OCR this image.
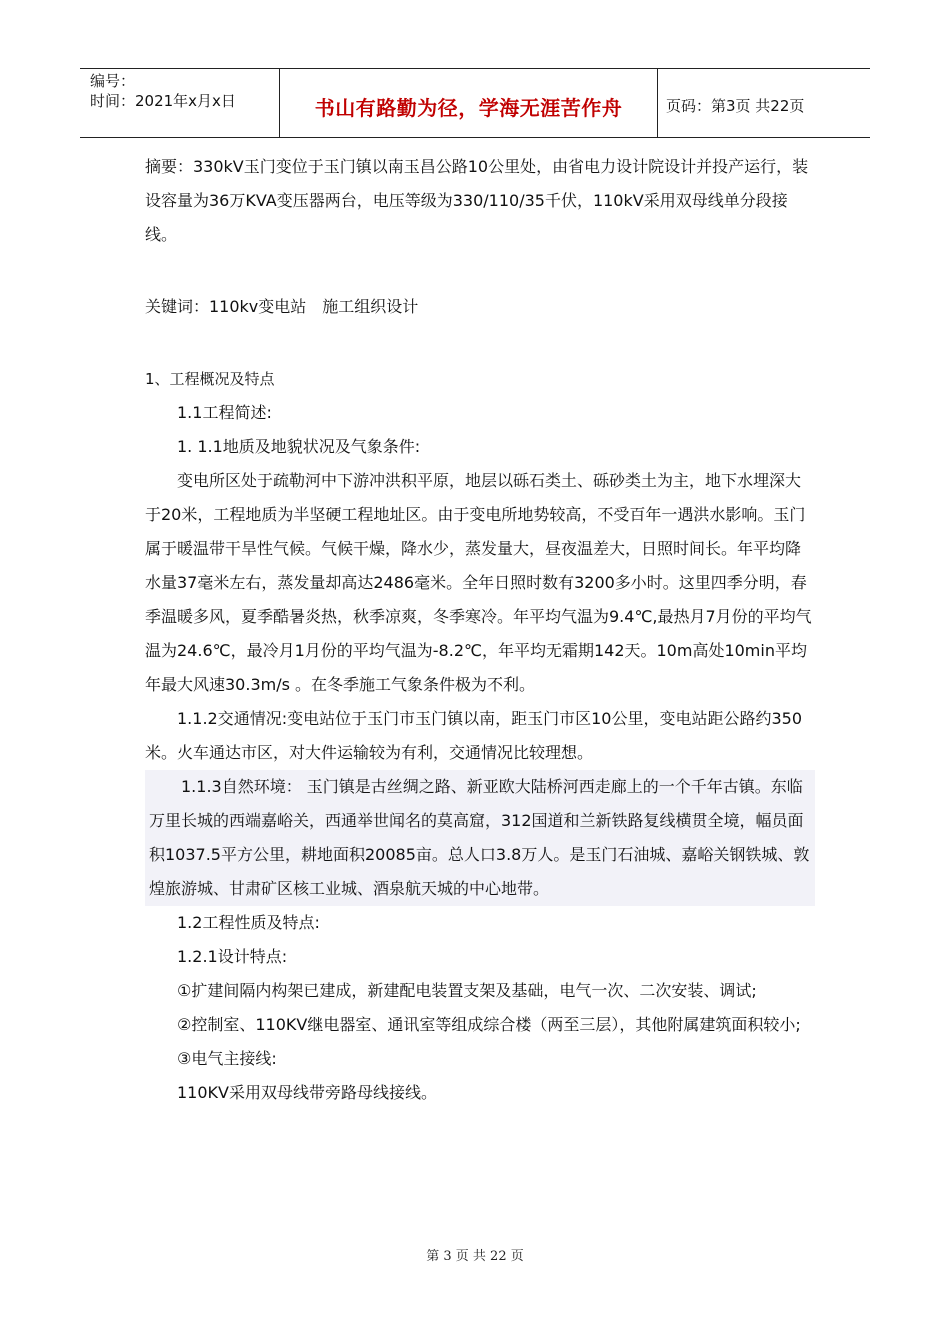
编号：
时间：2021年x月x日	书山有路勤为径，学海无涯苦作舟	页码：第3页 共22页

摘要：330kV玉门变位于玉门镇以南玉昌公路10公里处，由省电力设计院设计并投产运行，装设容量为36万KVA变压器两台，电压等级为330/110/35千伏，110kV采用双母线单分段接线。

关键词：110kv变电站　施工组织设计

1、工程概况及特点

1.1工程简述:

1. 1.1地质及地貌状况及气象条件:

变电所区处于疏勒河中下游冲洪积平原，地层以砾石类土、砾砂类土为主，地下水埋深大于20米，工程地质为半坚硬工程地址区。由于变电所地势较高，不受百年一遇洪水影响。玉门属于暖温带干旱性气候。气候干燥，降水少，蒸发量大，昼夜温差大，日照时间长。年平均降水量37毫米左右，蒸发量却高达2486毫米。全年日照时数有3200多小时。这里四季分明，春季温暖多风，夏季酷暑炎热，秋季凉爽，冬季寒冷。年平均气温为9.4℃,最热月7月份的平均气温为24.6℃，最冷月1月份的平均气温为-8.2℃，年平均无霜期142天。10m高处10min平均年最大风速30.3m/s 。在冬季施工气象条件极为不利。

1.1.2交通情况:变电站位于玉门市玉门镇以南，距玉门市区10公里，变电站距公路约350米。火车通达市区，对大件运输较为有利，交通情况比较理想。

1.1.3自然环境： 玉门镇是古丝绸之路、新亚欧大陆桥河西走廊上的一个千年古镇。东临万里长城的西端嘉峪关，西通举世闻名的莫高窟，312国道和兰新铁路复线横贯全境，幅员面积1037.5平方公里，耕地面积20085亩。总人口3.8万人。是玉门石油城、嘉峪关钢铁城、敦煌旅游城、甘肃矿区核工业城、酒泉航天城的中心地带。

1.2工程性质及特点:

1.2.1设计特点:

①扩建间隔内构架已建成，新建配电装置支架及基础，电气一次、二次安装、调试;

②控制室、110KV继电器室、通讯室等组成综合楼（两至三层），其他附属建筑面积较小;

③电气主接线:

110KV采用双母线带旁路母线接线。

第 3 页 共 22 页
